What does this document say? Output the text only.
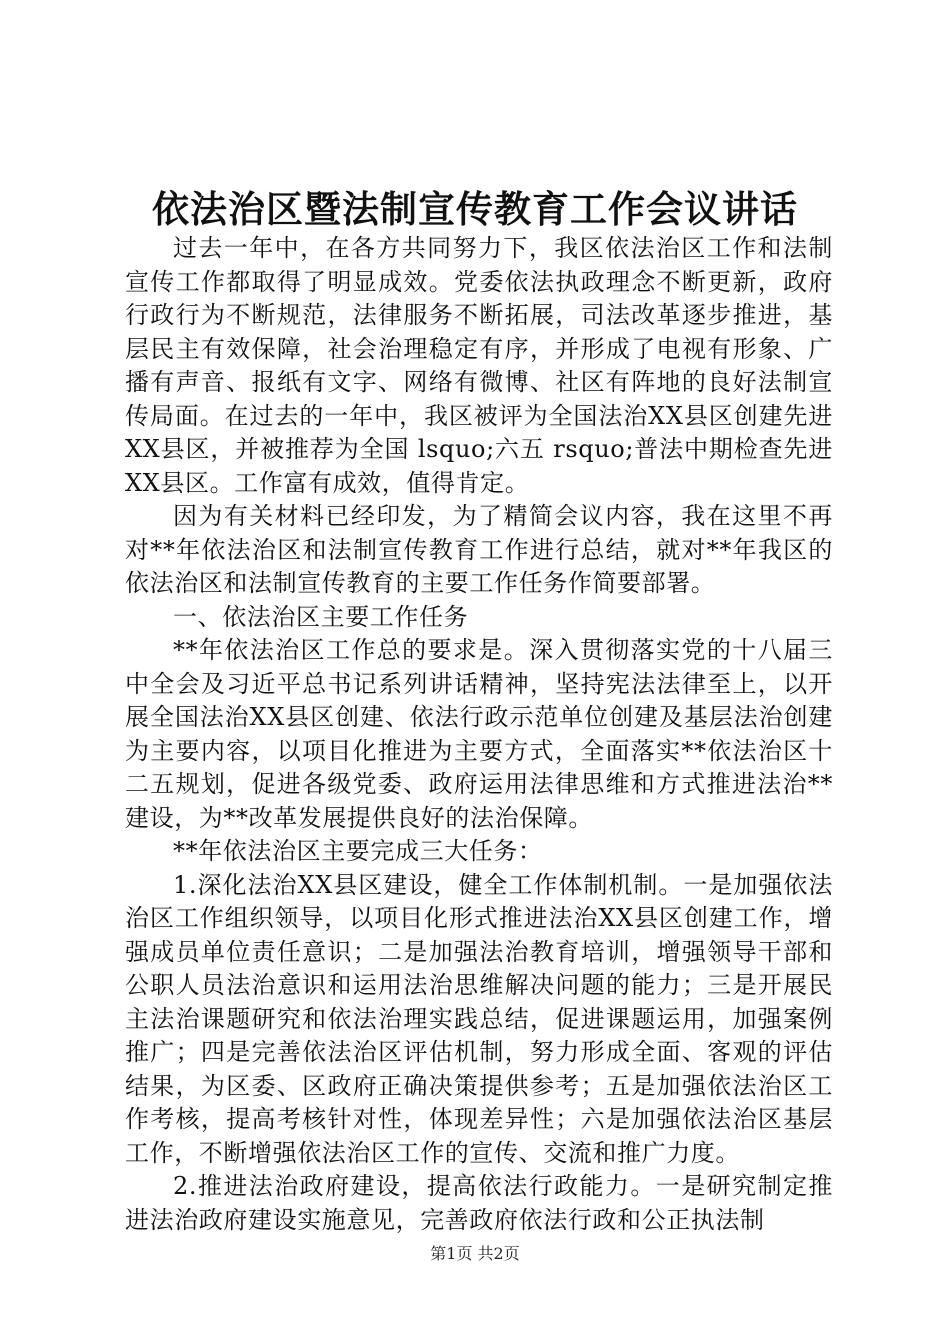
依法治区暨法制宣传教育工作会议讲话

过去一年中，在各方共同努力下，我区依法治区工作和法制宣传工作都取得了明显成效。党委依法执政理念不断更新，政府行政行为不断规范，法律服务不断拓展，司法改革逐步推进，基层民主有效保障，社会治理稳定有序，并形成了电视有形象、广播有声音、报纸有文字、网络有微博、社区有阵地的良好法制宣传局面。在过去的一年中，我区被评为全国法治XX县区创建先进XX县区，并被推荐为全国 lsquo;六五 rsquo;普法中期检查先进XX县区。工作富有成效，值得肯定。

因为有关材料已经印发，为了精简会议内容，我在这里不再对**年依法治区和法制宣传教育工作进行总结，就对**年我区的依法治区和法制宣传教育的主要工作任务作简要部署。

一、依法治区主要工作任务

**年依法治区工作总的要求是。深入贯彻落实党的十八届三中全会及习近平总书记系列讲话精神，坚持宪法法律至上，以开展全国法治XX县区创建、依法行政示范单位创建及基层法治创建为主要内容，以项目化推进为主要方式，全面落实**依法治区十二五规划，促进各级党委、政府运用法律思维和方式推进法治**建设，为**改革发展提供良好的法治保障。

**年依法治区主要完成三大任务：

1.深化法治XX县区建设，健全工作体制机制。一是加强依法治区工作组织领导，以项目化形式推进法治XX县区创建工作，增强成员单位责任意识；二是加强法治教育培训，增强领导干部和公职人员法治意识和运用法治思维解决问题的能力；三是开展民主法治课题研究和依法治理实践总结，促进课题运用，加强案例推广；四是完善依法治区评估机制，努力形成全面、客观的评估结果，为区委、区政府正确决策提供参考；五是加强依法治区工作考核，提高考核针对性，体现差异性；六是加强依法治区基层工作，不断增强依法治区工作的宣传、交流和推广力度。

2.推进法治政府建设，提高依法行政能力。一是研究制定推进法治政府建设实施意见，完善政府依法行政和公正执法制

第1页 共2页
